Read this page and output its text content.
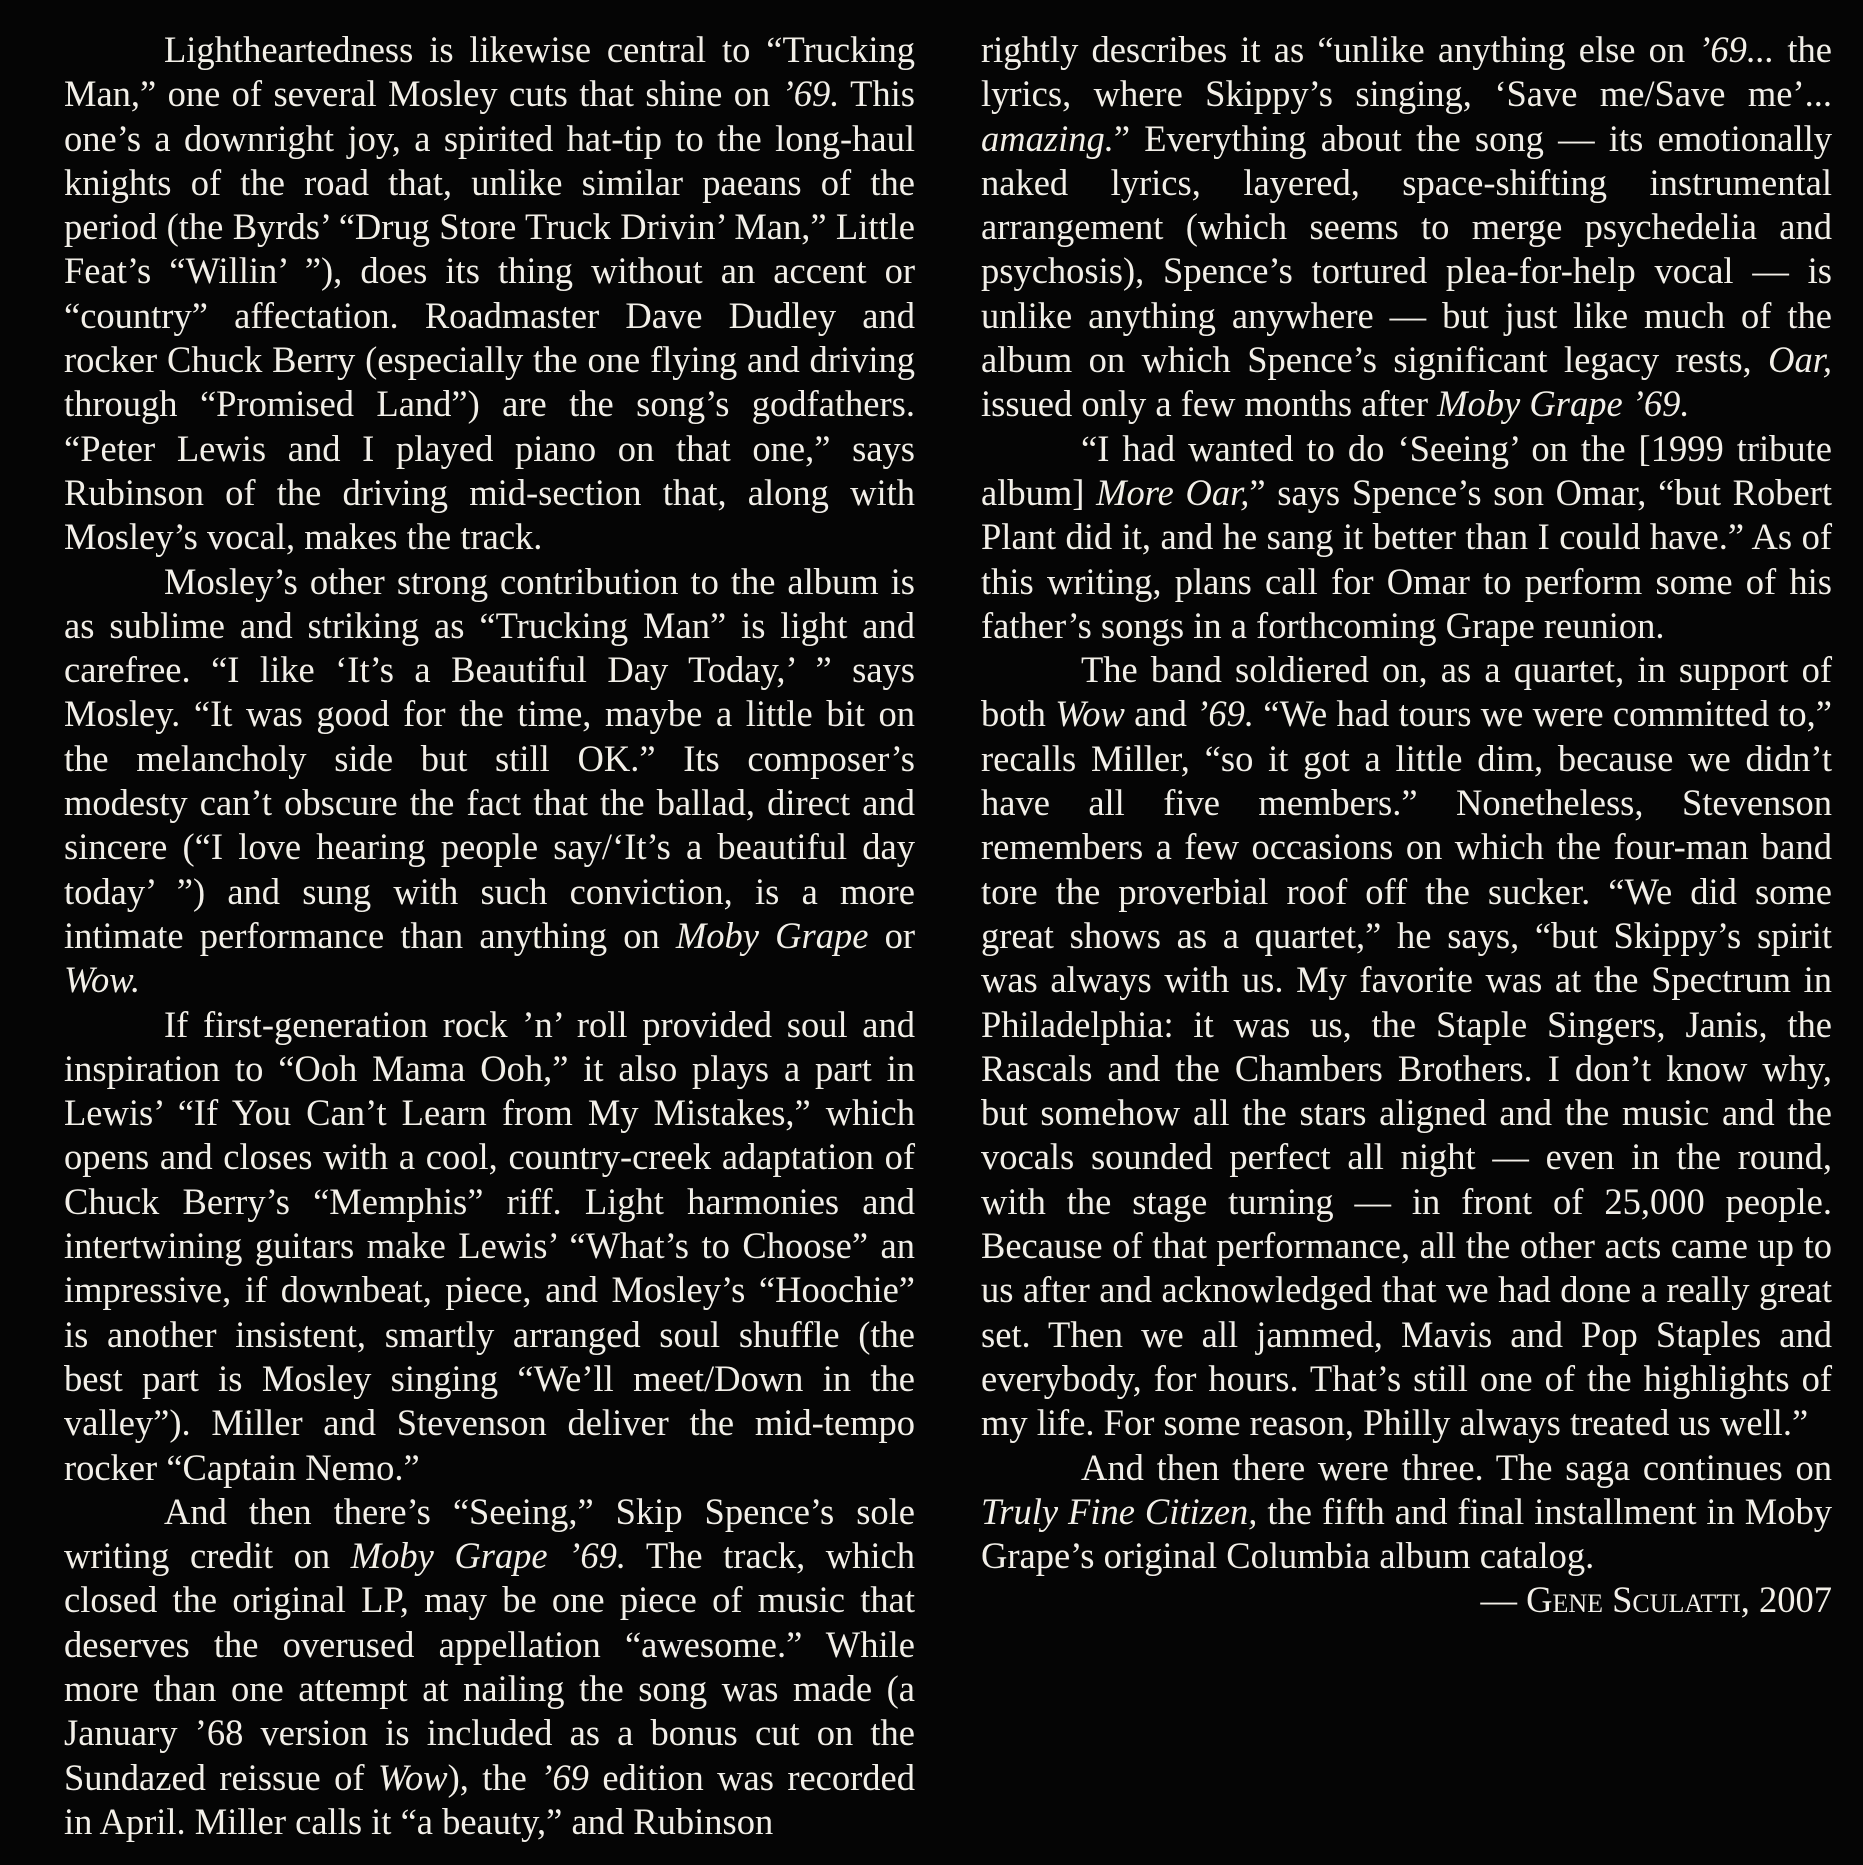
Lightheartedness is likewise central to “Trucking Man,” one of several Mosley cuts that shine on ’69. This one’s a downright joy, a spirited hat-tip to the long-haul knights of the road that, unlike similar paeans of the period (the Byrds’ “Drug Store Truck Drivin’ Man,” Little Feat’s “Willin’ ”), does its thing without an accent or “country” affectation. Roadmaster Dave Dudley and rocker Chuck Berry (especially the one flying and driving through “Promised Land”) are the song’s godfathers. “Peter Lewis and I played piano on that one,” says Rubinson of the driving mid-section that, along with Mosley’s vocal, makes the track.

Mosley’s other strong contribution to the album is as sublime and striking as “Trucking Man” is light and carefree. “I like ‘It’s a Beautiful Day Today,’ ” says Mosley. “It was good for the time, maybe a little bit on the melancholy side but still OK.” Its composer’s modesty can’t obscure the fact that the ballad, direct and sincere (“I love hearing people say/‘It’s a beautiful day today’ ”) and sung with such conviction, is a more intimate performance than anything on Moby Grape or Wow.

If first-generation rock ’n’ roll provided soul and inspiration to “Ooh Mama Ooh,” it also plays a part in Lewis’ “If You Can’t Learn from My Mistakes,” which opens and closes with a cool, country-creek adaptation of Chuck Berry’s “Memphis” riff. Light harmonies and intertwining guitars make Lewis’ “What’s to Choose” an impressive, if downbeat, piece, and Mosley’s “Hoochie” is another insistent, smartly arranged soul shuffle (the best part is Mosley singing “We’ll meet/Down in the valley”). Miller and Stevenson deliver the mid-tempo rocker “Captain Nemo.”

And then there’s “Seeing,” Skip Spence’s sole writing credit on Moby Grape ’69. The track, which closed the original LP, may be one piece of music that deserves the overused appellation “awesome.” While more than one attempt at nailing the song was made (a January ’68 version is included as a bonus cut on the Sundazed reissue of Wow), the ’69 edition was recorded in April. Miller calls it “a beauty,” and Rubinson

rightly describes it as “unlike anything else on ’69... the lyrics, where Skippy’s singing, ‘Save me/Save me’... amazing.” Everything about the song — its emotionally naked lyrics, layered, space-shifting instrumental arrangement (which seems to merge psychedelia and psychosis), Spence’s tortured plea-for-help vocal — is unlike anything anywhere — but just like much of the album on which Spence’s significant legacy rests, Oar, issued only a few months after Moby Grape ’69.

“I had wanted to do ‘Seeing’ on the [1999 tribute album] More Oar,” says Spence’s son Omar, “but Robert Plant did it, and he sang it better than I could have.” As of this writing, plans call for Omar to perform some of his father’s songs in a forthcoming Grape reunion.

The band soldiered on, as a quartet, in support of both Wow and ’69. “We had tours we were committed to,” recalls Miller, “so it got a little dim, because we didn’t have all five members.” Nonetheless, Stevenson remembers a few occasions on which the four-man band tore the proverbial roof off the sucker. “We did some great shows as a quartet,” he says, “but Skippy’s spirit was always with us. My favorite was at the Spectrum in Philadelphia: it was us, the Staple Singers, Janis, the Rascals and the Chambers Brothers. I don’t know why, but somehow all the stars aligned and the music and the vocals sounded perfect all night — even in the round, with the stage turning — in front of 25,000 people. Because of that performance, all the other acts came up to us after and acknowledged that we had done a really great set. Then we all jammed, Mavis and Pop Staples and everybody, for hours. That’s still one of the highlights of my life. For some reason, Philly always treated us well.”

And then there were three. The saga continues on Truly Fine Citizen, the fifth and final installment in Moby Grape’s original Columbia album catalog.

— Gene Sculatti, 2007
